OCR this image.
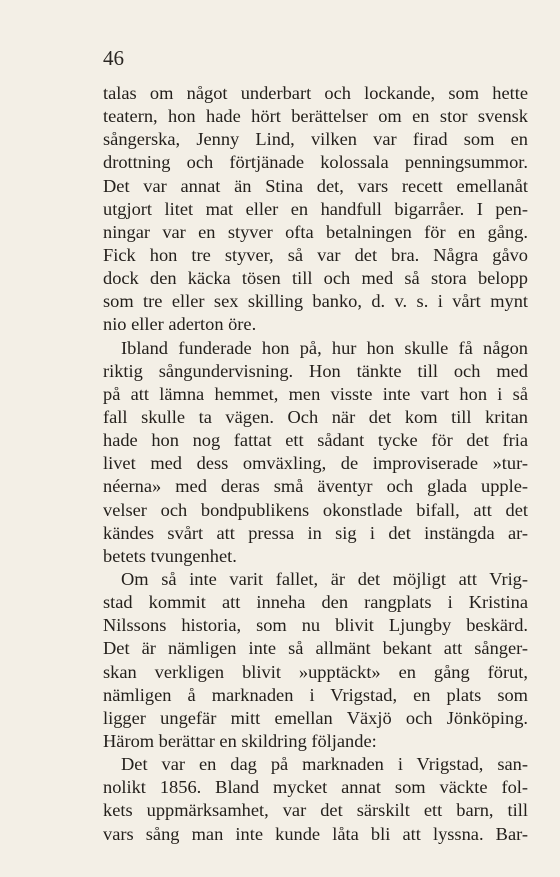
46
talas om något underbart och lockande, som hette
teatern, hon hade hört berättelser om en stor svensk
sångerska, Jenny Lind, vilken var firad som en
drottning och förtjänade kolossala penningsummor.
Det var annat än Stina det, vars recett emellanåt
utgjort litet mat eller en handfull bigarråer. I pen-
ningar var en styver ofta betalningen för en gång.
Fick hon tre styver, så var det bra. Några gåvo
dock den käcka tösen till och med så stora belopp
som tre eller sex skilling banko, d. v. s. i vårt mynt
nio eller aderton öre.
Ibland funderade hon på, hur hon skulle få någon
riktig sångundervisning. Hon tänkte till och med
på att lämna hemmet, men visste inte vart hon i så
fall skulle ta vägen. Och när det kom till kritan
hade hon nog fattat ett sådant tycke för det fria
livet med dess omväxling, de improviserade »tur-
néerna» med deras små äventyr och glada upple-
velser och bondpublikens okonstlade bifall, att det
kändes svårt att pressa in sig i det instängda ar-
betets tvungenhet.
Om så inte varit fallet, är det möjligt att Vrig-
stad kommit att inneha den rangplats i Kristina
Nilssons historia, som nu blivit Ljungby beskärd.
Det är nämligen inte så allmänt bekant att sånger-
skan verkligen blivit »upptäckt» en gång förut,
nämligen å marknaden i Vrigstad, en plats som
ligger ungefär mitt emellan Växjö och Jönköping.
Härom berättar en skildring följande:
Det var en dag på marknaden i Vrigstad, san-
nolikt 1856. Bland mycket annat som väckte fol-
kets uppmärksamhet, var det särskilt ett barn, till
vars sång man inte kunde låta bli att lyssna. Bar-
